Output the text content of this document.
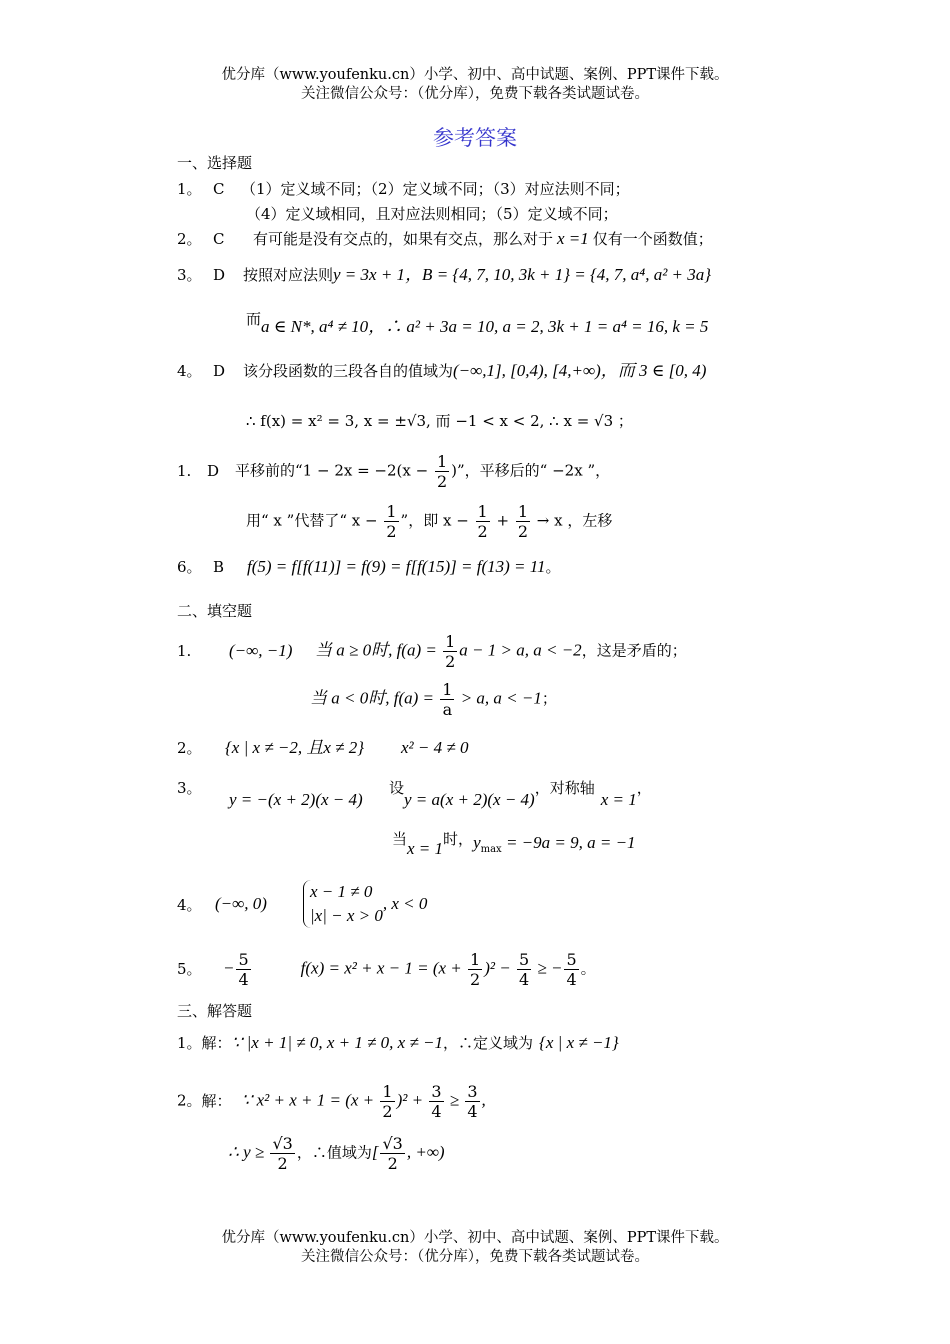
优分库（www.youfenku.cn）小学、初中、高中试题、案例、PPT课件下载。
关注微信公众号：（优分库），免费下载各类试题试卷。
参考答案
一、选择题
1。 C （1）定义域不同；（2）定义域不同；（3）对应法则不同；
（4）定义域相同，且对应法则相同；（5）定义域不同；
2。 C 有可能是没有交点的，如果有交点，那么对于 x =1 仅有一个函数值；
3。 D 按照对应法则y = 3x + 1，B = {4, 7, 10, 3k + 1} = {4, 7, a⁴, a² + 3a}
而a ∈ N*, a⁴ ≠ 10，∴ a² + 3a = 10, a = 2, 3k + 1 = a⁴ = 16, k = 5
4。 D 该分段函数的三段各自的值域为(−∞,1], [0,4), [4,+∞)，而 3 ∈ [0, 4)
∴ f(x) = x² = 3, x = ±√3, 而 −1 < x < 2, ∴ x = √3 ；
1. D 平移前的“$1 - 2x = -2(x - \frac{1}{2}$ )”，平移后的“ −2x ”，
用“ x ”代替了“ $x - \frac{1}{2}$ ”，即 $x - \frac{1}{2} + \frac{1}{2} \to x$ ，左移
6。 B f(5) = f[f(11)] = f(9) = f[f(15)] = f(13) = 11。
二、填空题
1. (−∞, −1) 当 a ≥ 0时, $f(a) = \frac{1}{2}$ a − 1 > a, a < −2，这是矛盾的；
当 a < 0时, $f(a) = \frac{1}{a} > a$, a < −1；
2。 {x | x ≠ −2, 且x ≠ 2} x² − 4 ≠ 0
3。y = −(x + 2)(x − 4)设y = a(x + 2)(x − 4)，对称轴x = 1，
当x = 1时，$y_{max} = -9a = 9$, a = −1
4。 (−∞, 0)
x − 1 ≠ 0
|x| − x > 0
, x < 0
5。 − $\frac{5}{4}$	$f(x) = x^2 + x - 1 = (x + \frac{1}{2} )^2 - \frac{5}{4}$ ≥ − $\frac{5}{4}$ 。
三、解答题
1。解：∵ |x + 1| ≠ 0, x + 1 ≠ 0, x ≠ −1，∴定义域为 {x | x ≠ −1}
2。解： ∵ $x^2 + x + 1 = (x + \frac{1}{2} )^2 + \frac{3}{4} \ge \frac{3}{4}$ ,
∴ $y \ge \frac{√3}{2}$ ，∴值域为[ $\frac{√3}{2}$ , +∞)
优分库（www.youfenku.cn）小学、初中、高中试题、案例、PPT课件下载。
关注微信公众号：（优分库），免费下载各类试题试卷。
